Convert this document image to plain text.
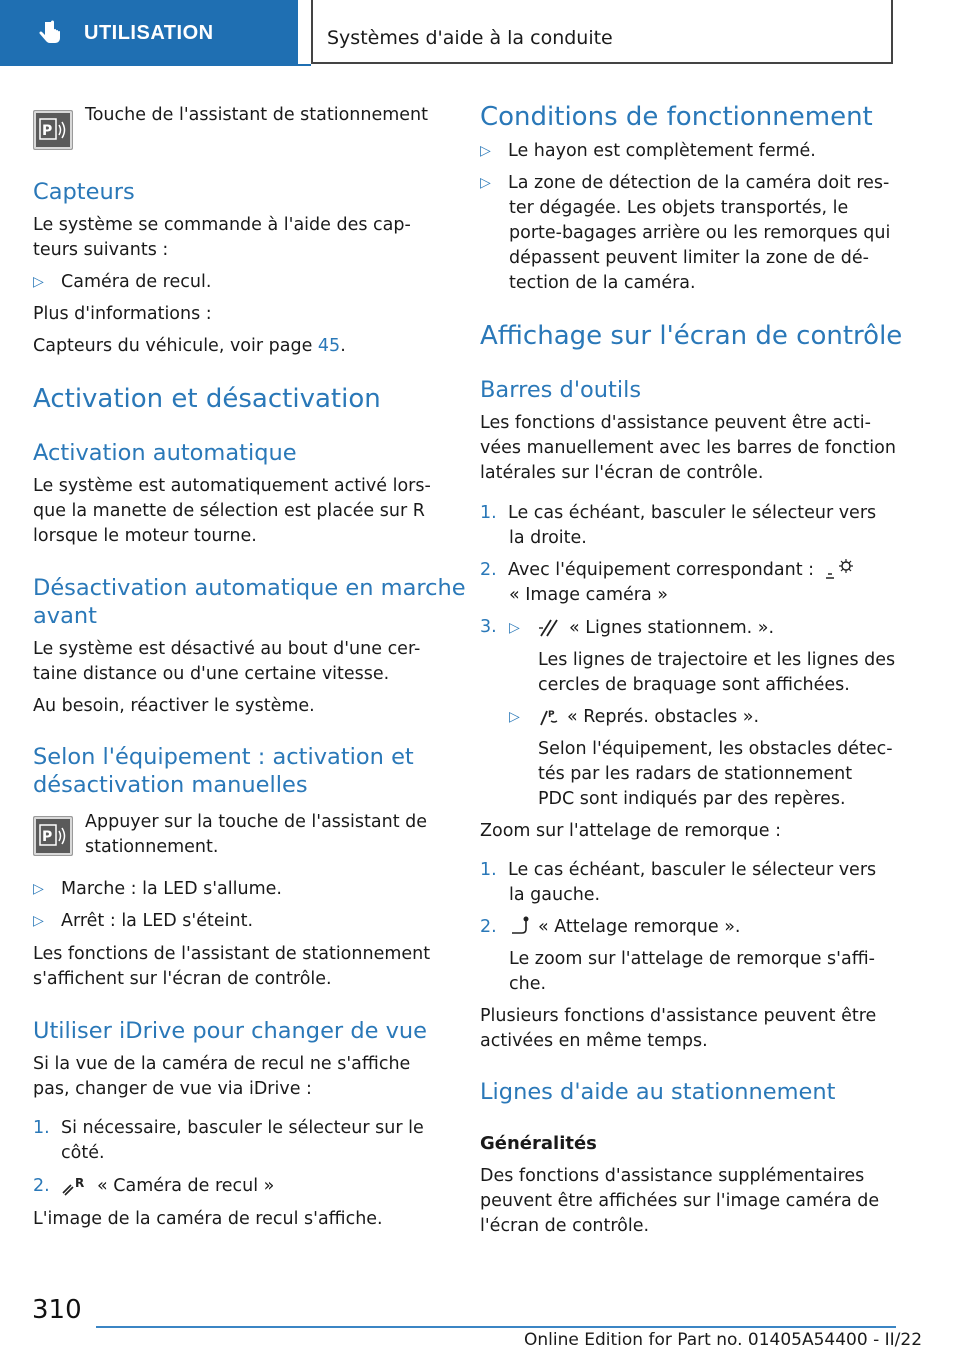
UTILISATION	Systèmes d'aide à la conduite
P

Touche de l'assistant de stationnement

Capteurs

Le système se commande à l'aide des cap-

teurs suivants :

▷ Caméra de recul.

Plus d'informations :

Capteurs du véhicule, voir page 45.

Activation et désactivation

Activation automatique

Le système est automatiquement activé lors-

que la manette de sélection est placée sur R

lorsque le moteur tourne.

Désactivation automatique en marche

avant

Le système est désactivé au bout d'une cer-

taine distance ou d'une certaine vitesse.

Au besoin, réactiver le système.

Selon l'équipement : activation et

désactivation manuelles

P

Appuyer sur la touche de l'assistant de

stationnement.

▷ Marche : la LED s'allume.
▷ Arrêt : la LED s'éteint.

Les fonctions de l'assistant de stationnement

s'affichent sur l'écran de contrôle.

Utiliser iDrive pour changer de vue

Si la vue de la caméra de recul ne s'affiche

pas, changer de vue via iDrive :

1. Si nécessaire, basculer le sélecteur sur le

côté.

2.	R « Caméra de recul »

L'image de la caméra de recul s'affiche.

Conditions de fonctionnement

▷ Le hayon est complètement fermé.
▷ La zone de détection de la caméra doit res-

ter dégagée. Les objets transportés, le

porte-bagages arrière ou les remorques qui

dépassent peuvent limiter la zone de dé-

tection de la caméra.

Affichage sur l'écran de contrôle

Barres d'outils

Les fonctions d'assistance peuvent être acti-

vées manuellement avec les barres de fonction

latérales sur l'écran de contrôle.

1. Le cas échéant, basculer le sélecteur vers

la droite.

2. Avec l'équipement correspondant :

« Image caméra »

3. ▷	« Lignes stationnem. ».

Les lignes de trajectoire et les lignes des

cercles de braquage sont affichées.

▷	P « Représ. obstacles ».

Selon l'équipement, les obstacles détec-

tés par les radars de stationnement

PDC sont indiqués par des repères.

Zoom sur l'attelage de remorque :

1. Le cas échéant, basculer le sélecteur vers

la gauche.

2.	« Attelage remorque ».

Le zoom sur l'attelage de remorque s'affi-

che.

Plusieurs fonctions d'assistance peuvent être

activées en même temps.

Lignes d'aide au stationnement

Généralités

Des fonctions d'assistance supplémentaires

peuvent être affichées sur l'image caméra de

l'écran de contrôle.

310
Online Edition for Part no. 01405A54400 - II/22
